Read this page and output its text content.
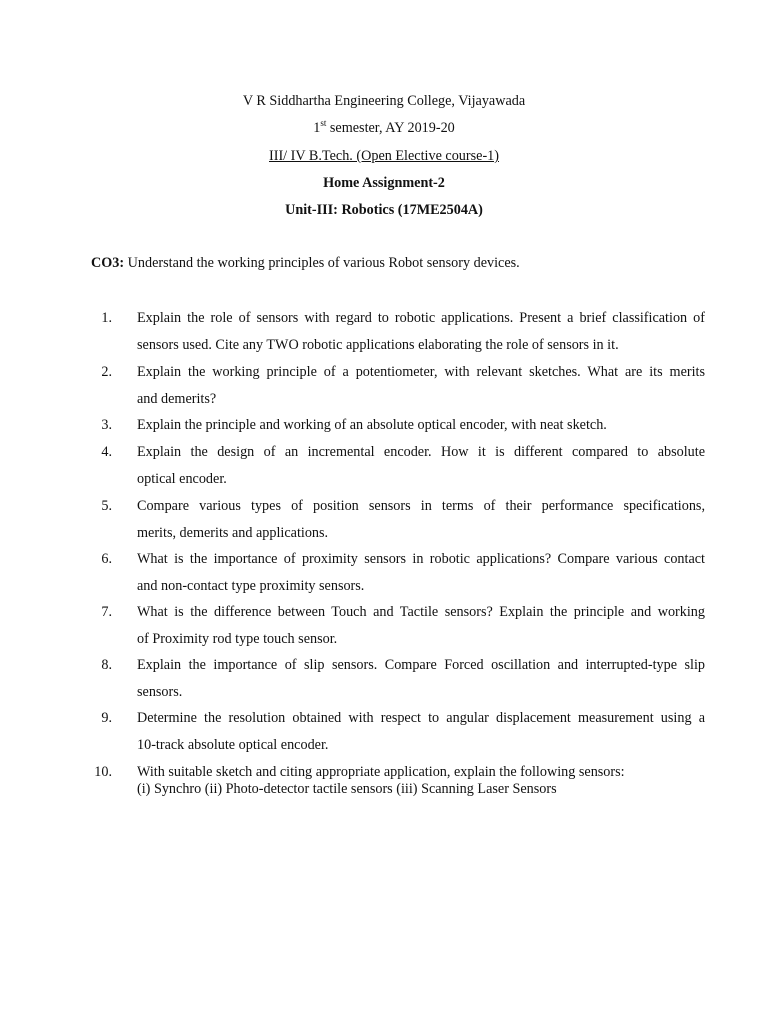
V R Siddhartha Engineering College, Vijayawada
1st semester, AY 2019-20
III/ IV B.Tech. (Open Elective course-1)
Home Assignment-2
Unit-III: Robotics (17ME2504A)
CO3: Understand the working principles of various Robot sensory devices.
1. Explain the role of sensors with regard to robotic applications. Present a brief classification of
sensors used. Cite any TWO robotic applications elaborating the role of sensors in it.
2. Explain the working principle of a potentiometer, with relevant sketches. What are its merits
and demerits?
3. Explain the principle and working of an absolute optical encoder, with neat sketch.
4. Explain the design of an incremental encoder. How it is different compared to absolute
optical encoder.
5. Compare various types of position sensors in terms of their performance specifications,
merits, demerits and applications.
6. What is the importance of proximity sensors in robotic applications? Compare various contact
and non-contact type proximity sensors.
7. What is the difference between Touch and Tactile sensors? Explain the principle and working
of Proximity rod type touch sensor.
8. Explain the importance of slip sensors. Compare Forced oscillation and interrupted-type slip
sensors.
9. Determine the resolution obtained with respect to angular displacement measurement using a
10-track absolute optical encoder.
10. With suitable sketch and citing appropriate application, explain the following sensors:
(i) Synchro (ii) Photo-detector tactile sensors (iii) Scanning Laser Sensors
